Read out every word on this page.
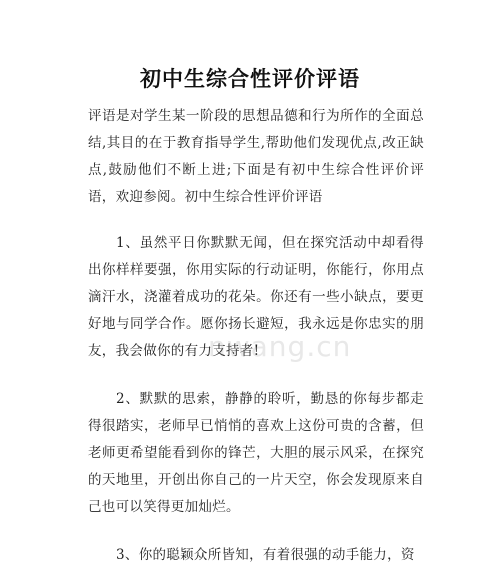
初中生综合性评价评语

评语是对学生某一阶段的思想品德和行为所作的全面总结,其目的在于教育指导学生,帮助他们发现优点,改正缺点,鼓励他们不断上进;下面是有初中生综合性评价评语，欢迎参阅。初中生综合性评价评语

1、虽然平日你默默无闻，但在探究活动中却看得出你样样要强，你用实际的行动证明，你能行，你用点滴汗水，浇灌着成功的花朵。你还有一些小缺点，要更好地与同学合作。愿你扬长避短，我永远是你忠实的朋友，我会做你的有力支持者!

2、默默的思索，静静的聆听，勤恳的你每步都走得很踏实，老师早已悄悄的喜欢上这份可贵的含蓄，但老师更希望能看到你的锋芒，大胆的展示风采，在探究的天地里，开创出你自己的一片天空，你会发现原来自己也可以笑得更加灿烂。

3、你的聪颖众所皆知，有着很强的动手能力，资

nwang.cn
